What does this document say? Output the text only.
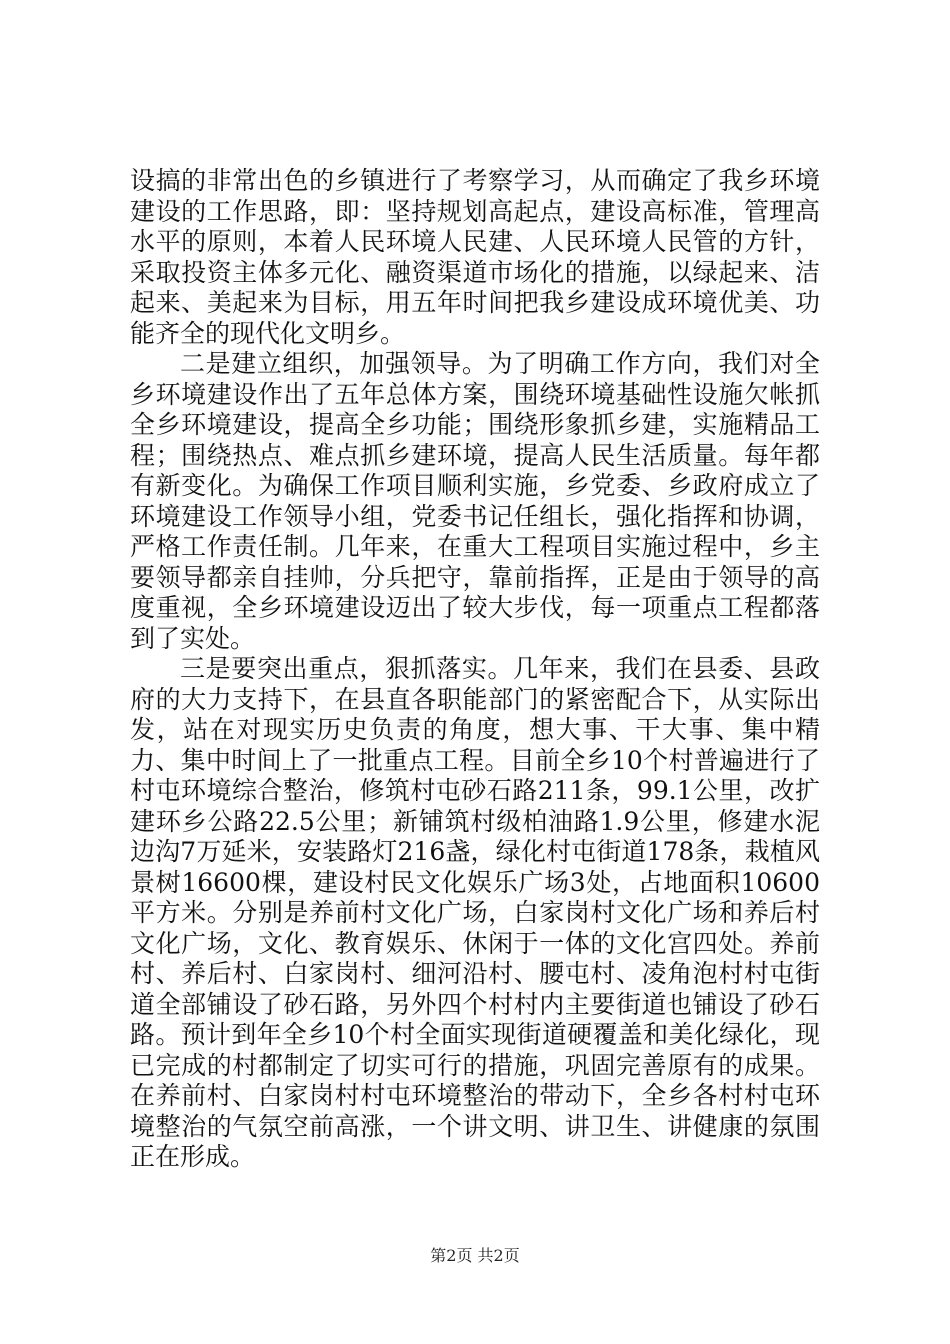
设搞的非常出色的乡镇进行了考察学习，从而确定了我乡环境建设的工作思路，即：坚持规划高起点，建设高标准，管理高水平的原则，本着人民环境人民建、人民环境人民管的方针，采取投资主体多元化、融资渠道市场化的措施，以绿起来、洁起来、美起来为目标，用五年时间把我乡建设成环境优美、功能齐全的现代化文明乡。

二是建立组织，加强领导。为了明确工作方向，我们对全乡环境建设作出了五年总体方案，围绕环境基础性设施欠帐抓全乡环境建设，提高全乡功能；围绕形象抓乡建，实施精品工程；围绕热点、难点抓乡建环境，提高人民生活质量。每年都有新变化。为确保工作项目顺利实施，乡党委、乡政府成立了环境建设工作领导小组，党委书记任组长，强化指挥和协调，严格工作责任制。几年来，在重大工程项目实施过程中，乡主要领导都亲自挂帅，分兵把守，靠前指挥，正是由于领导的高度重视，全乡环境建设迈出了较大步伐，每一项重点工程都落到了实处。

三是要突出重点，狠抓落实。几年来，我们在县委、县政府的大力支持下，在县直各职能部门的紧密配合下，从实际出发，站在对现实历史负责的角度，想大事、干大事、集中精力、集中时间上了一批重点工程。目前全乡10个村普遍进行了村屯环境综合整治，修筑村屯砂石路211条，99.1公里，改扩建环乡公路22.5公里；新铺筑村级柏油路1.9公里，修建水泥边沟7万延米，安装路灯216盏，绿化村屯街道178条，栽植风景树16600棵，建设村民文化娱乐广场3处，占地面积10600平方米。分别是养前村文化广场，白家岗村文化广场和养后村文化广场，文化、教育娱乐、休闲于一体的文化宫四处。养前村、养后村、白家岗村、细河沿村、腰屯村、凌角泡村村屯街道全部铺设了砂石路，另外四个村村内主要街道也铺设了砂石路。预计到年全乡10个村全面实现街道硬覆盖和美化绿化，现已完成的村都制定了切实可行的措施，巩固完善原有的成果。在养前村、白家岗村村屯环境整治的带动下，全乡各村村屯环境整治的气氛空前高涨，一个讲文明、讲卫生、讲健康的氛围正在形成。

第2页 共2页
